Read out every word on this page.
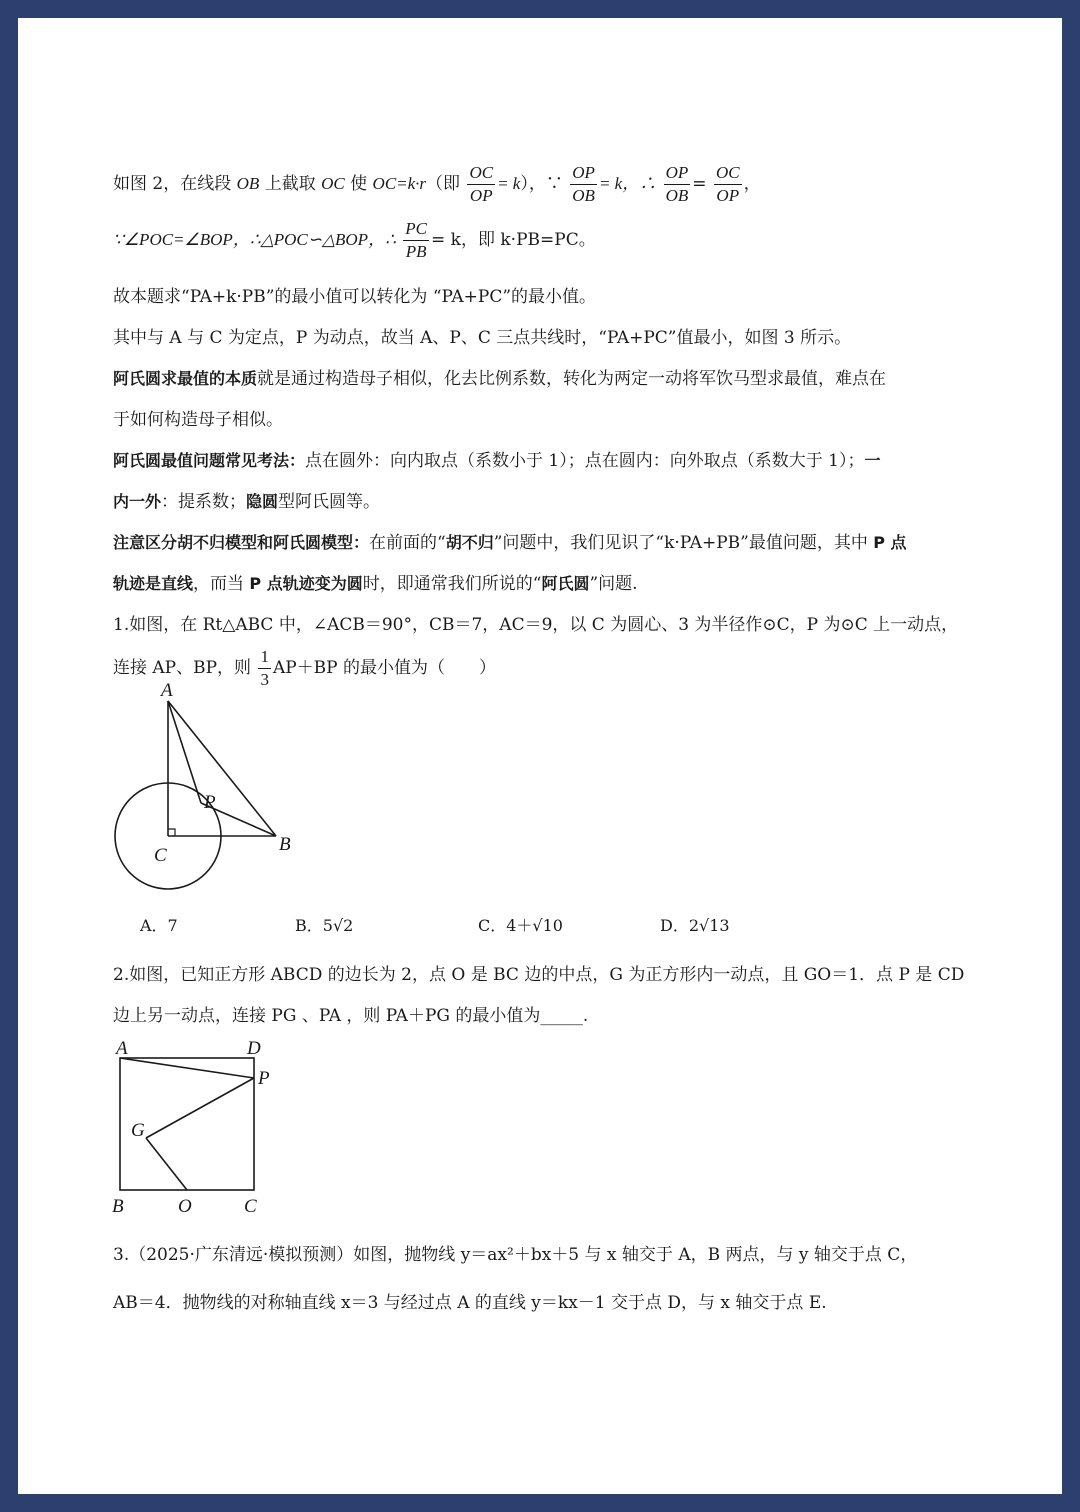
如图 2，在线段 OB 上截取 OC 使 OC=k·r（即 $\frac{OC}{OP} = k$），∵ $\frac{OP}{OB} = k$，∴ $\frac{OP}{OB} = \frac{OC}{OP}$ ，
∵∠POC=∠BOP，∴△POC∽△BOP，∴ $\frac{PC}{PB} = k$，即 k·PB=PC。
故本题求“PA+k·PB”的最小值可以转化为 “PA+PC”的最小值。
其中与 A 与 C 为定点，P 为动点，故当 A、P、C 三点共线时，“PA+PC”值最小，如图 3 所示。
阿氏圆求最值的本质就是通过构造母子相似，化去比例系数，转化为两定一动将军饮马型求最值，难点在
于如何构造母子相似。
阿氏圆最值问题常见考法：点在圆外：向内取点（系数小于 1）；点在圆内：向外取点（系数大于 1）；一
内一外：提系数；隐圆型阿氏圆等。
注意区分胡不归模型和阿氏圆模型：在前面的“胡不归”问题中，我们见识了“k·PA+PB”最值问题，其中 P 点
轨迹是直线，而当 P 点轨迹变为圆时，即通常我们所说的“阿氏圆”问题.
1.如图，在 Rt△ABC 中，∠ACB＝90°，CB＝7，AC＝9，以 C 为圆心、3 为半径作⊙C，P 为⊙C 上一动点，
连接 AP、BP，则 $\frac{1}{3} AP+BP$ 的最小值为（　　）
A
P
B
C
A．7	B．5√2	C．4＋√10	D．2√13
2.如图，已知正方形 ABCD 的边长为 2，点 O 是 BC 边的中点，G 为正方形内一动点，且 GO＝1．点 P 是 CD
边上另一动点，连接 PG 、PA ，则 PA＋PG 的最小值为_____.
A	D
P
G
B	O	C
3.（2025·广东清远·模拟预测）如图，抛物线 y＝ax²＋bx＋5 与 x 轴交于 A，B 两点，与 y 轴交于点 C，
AB＝4．抛物线的对称轴直线 x＝3 与经过点 A 的直线 y＝kx－1 交于点 D，与 x 轴交于点 E.
